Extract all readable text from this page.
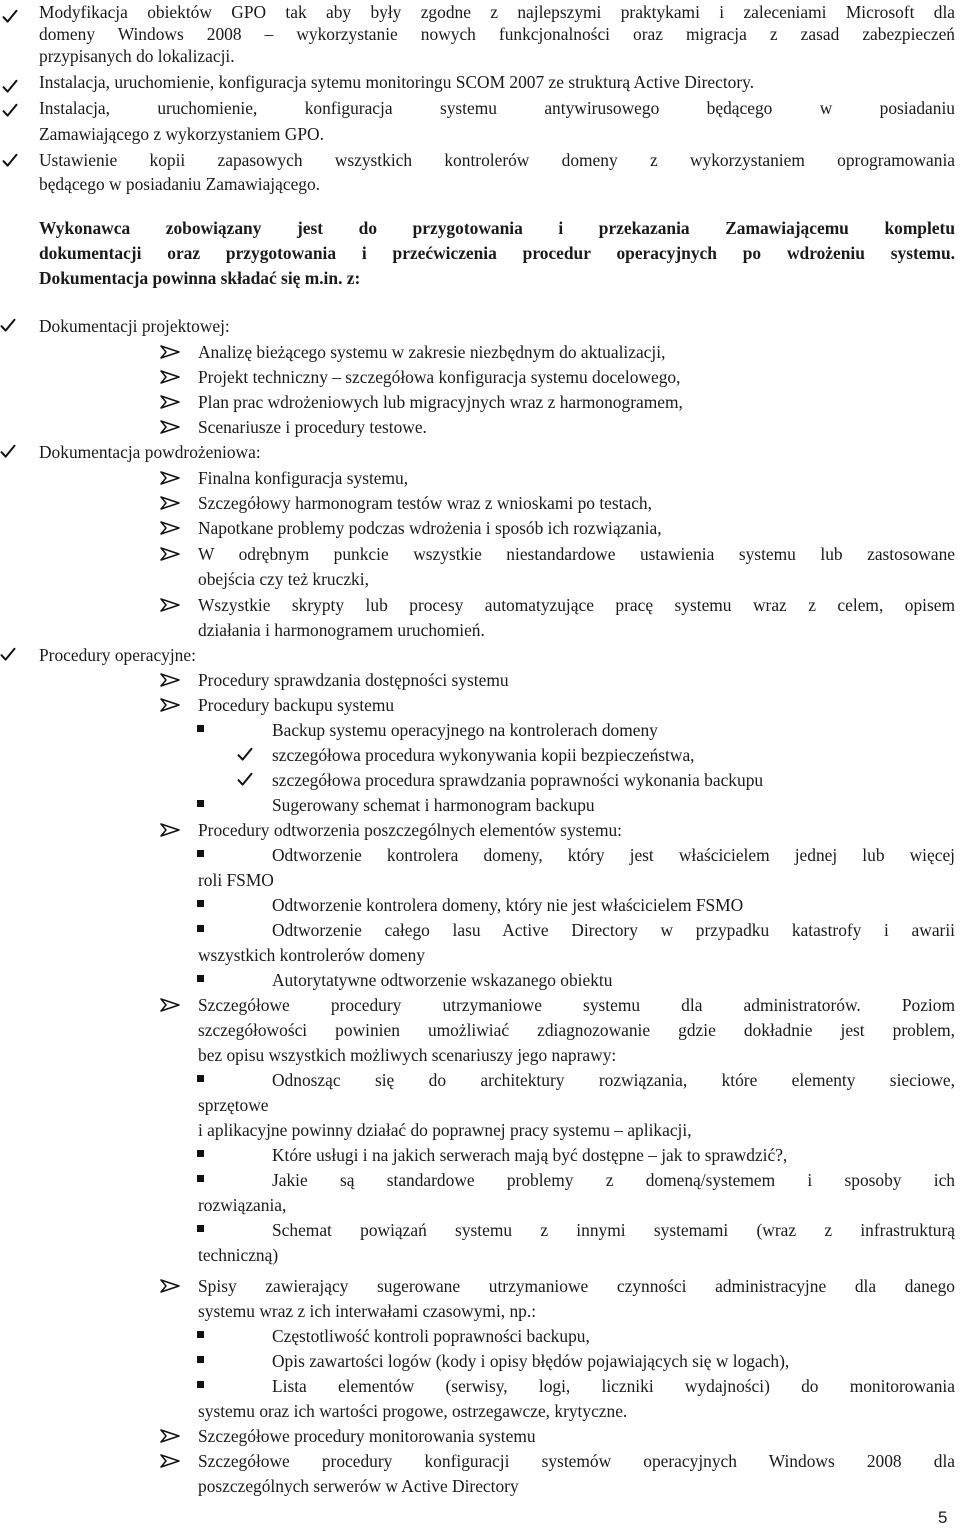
Modyfikacja obiektów GPO tak aby były zgodne z najlepszymi praktykami i zaleceniami Microsoft dla

domeny Windows 2008 – wykorzystanie nowych funkcjonalności oraz migracja z zasad zabezpieczeń

przypisanych do lokalizacji.

Instalacja, uruchomienie, konfiguracja sytemu monitoringu SCOM 2007 ze strukturą Active Directory.

Instalacja, uruchomienie, konfiguracja systemu antywirusowego będącego w posiadaniu

Zamawiającego z wykorzystaniem GPO.

Ustawienie kopii zapasowych wszystkich kontrolerów domeny z wykorzystaniem oprogramowania

będącego w posiadaniu Zamawiającego.

Wykonawca zobowiązany jest do przygotowania i przekazania Zamawiającemu kompletu

dokumentacji oraz przygotowania i przećwiczenia procedur operacyjnych po wdrożeniu systemu.

Dokumentacja powinna składać się m.in. z:

Dokumentacji projektowej:

Analizę bieżącego systemu w zakresie niezbędnym do aktualizacji,

Projekt techniczny – szczegółowa konfiguracja systemu docelowego,

Plan prac wdrożeniowych lub migracyjnych wraz z harmonogramem,

Scenariusze i procedury testowe.

Dokumentacja powdrożeniowa:

Finalna konfiguracja systemu,

Szczegółowy harmonogram testów wraz z wnioskami po testach,

Napotkane problemy podczas wdrożenia i sposób ich rozwiązania,

W odrębnym punkcie wszystkie niestandardowe ustawienia systemu lub zastosowane

obejścia czy też kruczki,

Wszystkie skrypty lub procesy automatyzujące pracę systemu wraz z celem, opisem

działania i harmonogramem uruchomień.

Procedury operacyjne:

Procedury sprawdzania dostępności systemu

Procedury backupu systemu

Backup systemu operacyjnego na kontrolerach domeny

szczegółowa procedura wykonywania kopii bezpieczeństwa,

szczegółowa procedura sprawdzania poprawności wykonania backupu

Sugerowany schemat i harmonogram backupu

Procedury odtworzenia poszczególnych elementów systemu:

Odtworzenie kontrolera domeny, który jest właścicielem jednej lub więcej

roli FSMO

Odtworzenie kontrolera domeny, który nie jest właścicielem FSMO

Odtworzenie całego lasu Active Directory w przypadku katastrofy i awarii

wszystkich kontrolerów domeny

Autorytatywne odtworzenie wskazanego obiektu

Szczegółowe procedury utrzymaniowe systemu dla administratorów. Poziom

szczegółowości powinien umożliwiać zdiagnozowanie gdzie dokładnie jest problem,

bez opisu wszystkich możliwych scenariuszy jego naprawy:

Odnosząc się do architektury rozwiązania, które elementy sieciowe,

sprzętowe

i aplikacyjne powinny działać do poprawnej pracy systemu – aplikacji,

Które usługi i na jakich serwerach mają być dostępne – jak to sprawdzić?,

Jakie są standardowe problemy z domeną/systemem i sposoby ich

rozwiązania,

Schemat powiązań systemu z innymi systemami (wraz z infrastrukturą

techniczną)

Spisy zawierający sugerowane utrzymaniowe czynności administracyjne dla danego

systemu wraz z ich interwałami czasowymi, np.:

Częstotliwość kontroli poprawności backupu,

Opis zawartości logów (kody i opisy błędów pojawiających się w logach),

Lista elementów (serwisy, logi, liczniki wydajności) do monitorowania

systemu oraz ich wartości progowe, ostrzegawcze, krytyczne.

Szczegółowe procedury monitorowania systemu

Szczegółowe procedury konfiguracji systemów operacyjnych Windows 2008 dla

poszczególnych serwerów w Active Directory

5
